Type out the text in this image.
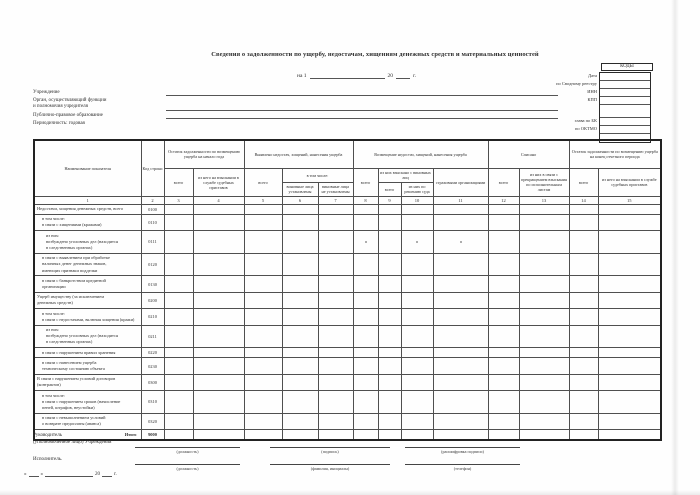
Сведения о задолженности по ущербу, недостачам, хищениям денежных средств и материальных ценностей
на 1	20	г.
КОДЫ
Дата
по Сводному реестру
ИНН
КПП
глава по БК
по ОКТМО
Учреждение
Орган, осуществляющий функции
и полномочия учредителя
Публично-правовое образование
Периодичность: годовая
Наименование показателя	Код строки	Остаток задолженности по возмещению ущерба на начало года		Выявлено недостач, хищений, нанесения ущерба			Возмещение недостач, хищений, нанесения ущерба				Списано		Остаток задолженности по возмещению ущерба на конец отчетного периода	
		всего	из него на взыскании в службе судебных приставов	всего	в том числе:		всего	из них взыскано с виновных лиц		страховыми организациями	всего	из них в связи с прекращением взыскания по исполнительным листам	всего	из него на взыскании в службе судебных приставов
					виновные лица установлены	виновные лица не установлены		всего	из них по решению суда					
1	2	3	4	5	6	7	8	9	10	11	12	13	14	15

Недостачи, хищения денежных средств, всего	0100													

в том числе:
в связи с хищениями (кражами)	0110													

из них:
возбуждено уголовных дел (находится
в следственных органах)	0111													

в связи с выявлением при обработке
наличных денег денежных знаков,
имеющих признаки подделки	0120													

в связи с банкротством кредитной
организации	0130													

Ущерб имуществу (за исключением
денежных средств)	0200													

в том числе:
в связи с недостачами, включая хищения (кражи)	0210													

из них:
возбуждено уголовных дел (находится
в следственных органах)	0211													

в связи с нарушением правил хранения	0220													

в связи с нанесением ущерба
техническому состоянию объекта	0230													

В связи с нарушением условий договоров
(контрактов)	0300													

в том числе:
в связи с нарушением сроков (начисление
пеней, штрафов, неустойки)	0310													

в связи с невыполнением условий
о возврате предоплаты (аванса)	0320													

Итого	9000													
Руководитель
(уполномоченное лицо) Учреждения
(должность)	(подпись)	(расшифровка подписи)
Исполнитель.
(должность)	(фамилия, инициалы)	(телефон)
«	»	20	г.
